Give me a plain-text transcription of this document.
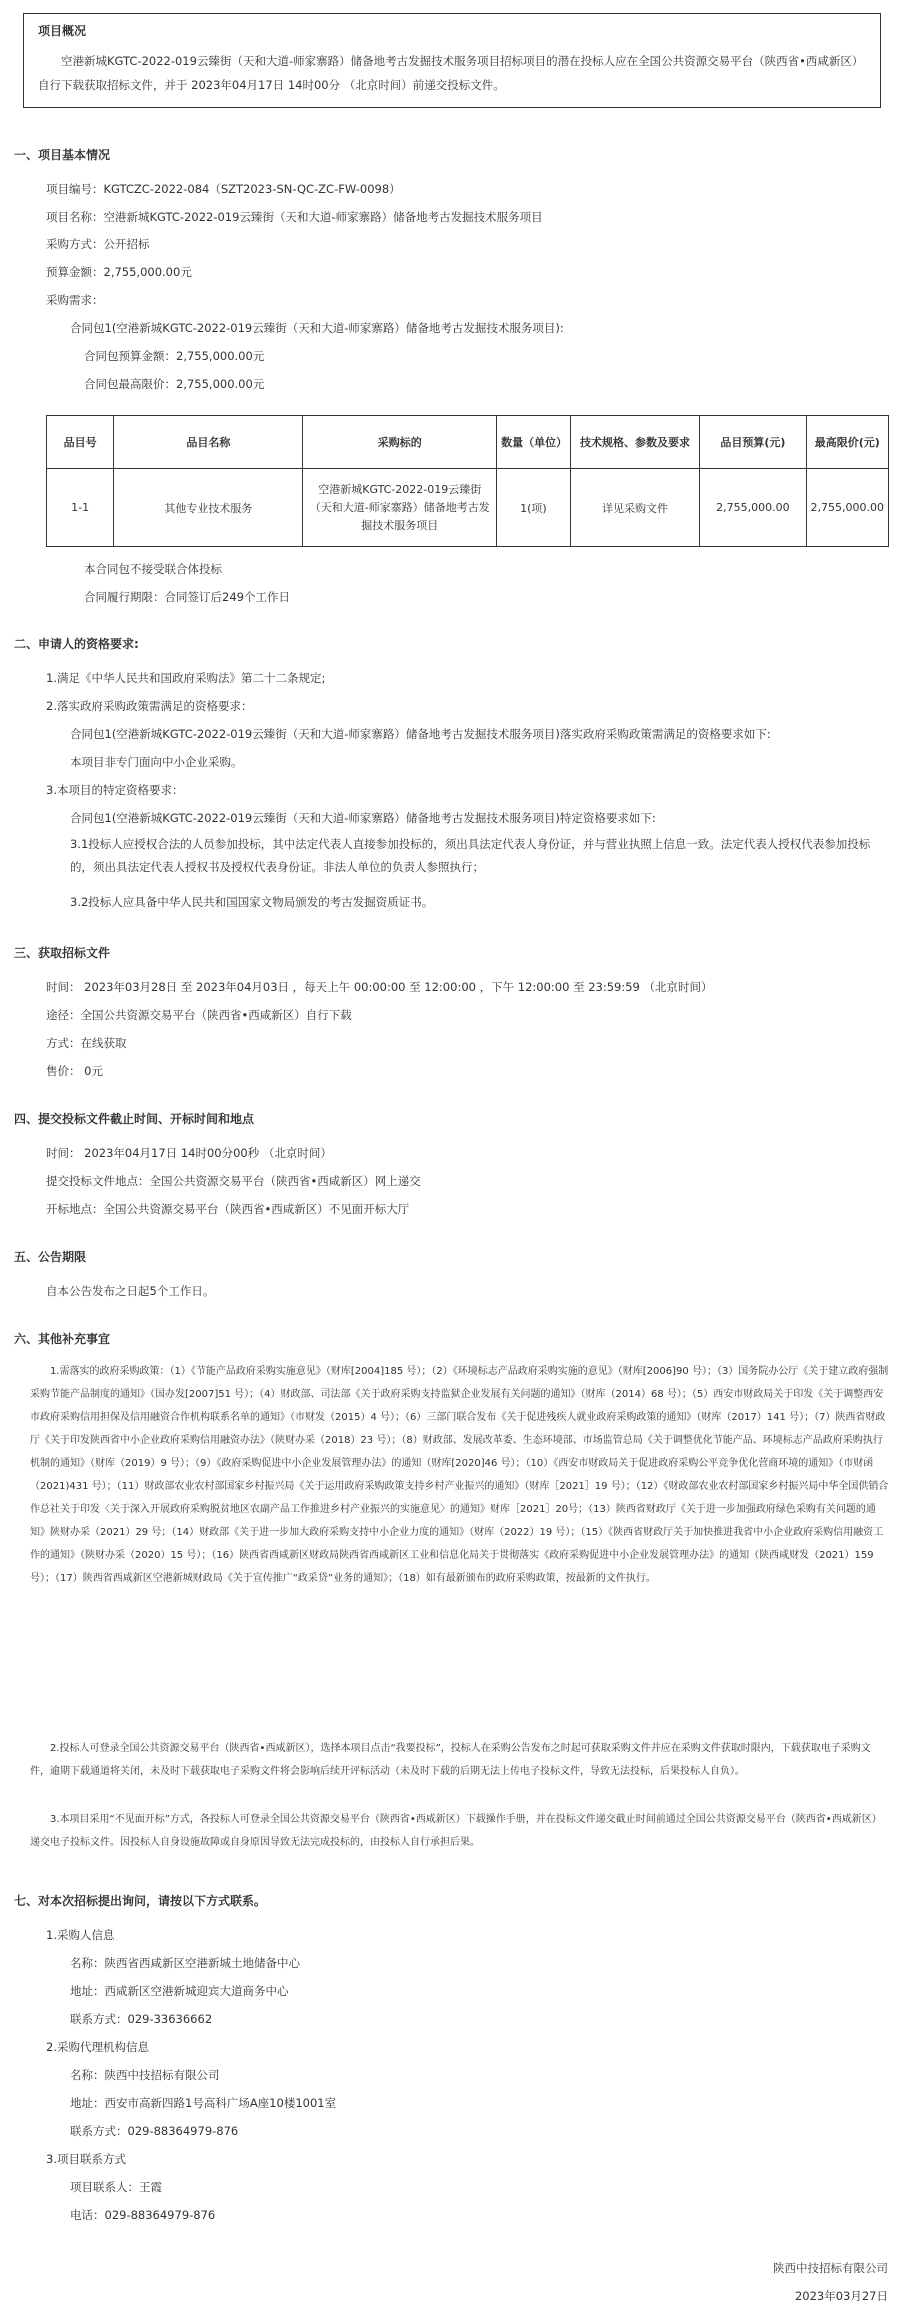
项目概况
空港新城KGTC-2022-019云臻街（天和大道-师家寨路）储备地考古发掘技术服务项目招标项目的潜在投标人应在全国公共资源交易平台（陕西省•西咸新区）自行下载获取招标文件，并于 2023年04月17日 14时00分 （北京时间）前递交投标文件。
一、项目基本情况
项目编号：KGTCZC-2022-084（SZT2023-SN-QC-ZC-FW-0098）
项目名称：空港新城KGTC-2022-019云臻街（天和大道-师家寨路）储备地考古发掘技术服务项目
采购方式：公开招标
预算金额：2,755,000.00元
采购需求：
合同包1(空港新城KGTC-2022-019云臻街（天和大道-师家寨路）储备地考古发掘技术服务项目):
合同包预算金额：2,755,000.00元
合同包最高限价：2,755,000.00元
品目号	品目名称	采购标的	数量（单位）	技术规格、参数及要求	品目预算(元)	最高限价(元)
1-1	其他专业技术服务	空港新城KGTC-2022-019云臻街（天和大道-师家寨路）储备地考古发掘技术服务项目	1(项)	详见采购文件	2,755,000.00	2,755,000.00
本合同包不接受联合体投标
合同履行期限：合同签订后249个工作日
二、申请人的资格要求:
1.满足《中华人民共和国政府采购法》第二十二条规定;
2.落实政府采购政策需满足的资格要求：
合同包1(空港新城KGTC-2022-019云臻街（天和大道-师家寨路）储备地考古发掘技术服务项目)落实政府采购政策需满足的资格要求如下:
本项目非专门面向中小企业采购。
3.本项目的特定资格要求：
合同包1(空港新城KGTC-2022-019云臻街（天和大道-师家寨路）储备地考古发掘技术服务项目)特定资格要求如下:
3.1投标人应授权合法的人员参加投标，其中法定代表人直接参加投标的，须出具法定代表人身份证，并与营业执照上信息一致。法定代表人授权代表参加投标的，须出具法定代表人授权书及授权代表身份证。非法人单位的负责人参照执行；
3.2投标人应具备中华人民共和国国家文物局颁发的考古发掘资质证书。
三、获取招标文件
时间： 2023年03月28日 至 2023年04月03日 ，每天上午 00:00:00 至 12:00:00 ，下午 12:00:00 至 23:59:59 （北京时间）
途径：全国公共资源交易平台（陕西省•西咸新区）自行下载
方式：在线获取
售价： 0元
四、提交投标文件截止时间、开标时间和地点
时间： 2023年04月17日 14时00分00秒 （北京时间）
提交投标文件地点：全国公共资源交易平台（陕西省•西咸新区）网上递交
开标地点：全国公共资源交易平台（陕西省•西咸新区）不见面开标大厅
五、公告期限
自本公告发布之日起5个工作日。
六、其他补充事宜
1.需落实的政府采购政策：（1）《节能产品政府采购实施意见》（财库[2004]185 号）；（2）《环境标志产品政府采购实施的意见》（财库[2006]90 号）；（3）国务院办公厅《关于建立政府强制采购节能产品制度的通知》（国办发[2007]51 号）；（4）财政部、司法部《关于政府采购支持监狱企业发展有关问题的通知》（财库（2014）68 号）；（5）西安市财政局关于印发《关于调整西安市政府采购信用担保及信用融资合作机构联系名单的通知》（市财发（2015）4 号）；（6）三部门联合发布《关于促进残疾人就业政府采购政策的通知》（财库（2017）141 号）；（7）陕西省财政厅《关于印发陕西省中小企业政府采购信用融资办法》（陕财办采（2018）23 号）；（8）财政部、发展改革委、生态环境部、市场监管总局《关于调整优化节能产品、环境标志产品政府采购执行机制的通知》（财库（2019）9 号）；（9）《政府采购促进中小企业发展管理办法》的通知（财库[2020]46 号）；（10）《西安市财政局关于促进政府采购公平竞争优化营商环境的通知》（市财函（2021)431 号）；（11）财政部农业农村部国家乡村振兴局《关于运用政府采购政策支持乡村产业振兴的通知》（财库［2021］19 号）；（12）《财政部农业农村部国家乡村振兴局中华全国供销合作总社关于印发〈关于深入开展政府采购脱贫地区农副产品工作推进乡村产业振兴的实施意见〉的通知》财库［2021］20号；（13）陕西省财政厅《关于进一步加强政府绿色采购有关问题的通知》陕财办采（2021）29 号；（14）财政部《关于进一步加大政府采购支持中小企业力度的通知》（财库（2022）19 号）；（15）《陕西省财政厅关于加快推进我省中小企业政府采购信用融资工作的通知》（陕财办采（2020）15 号）；（16）陕西省西咸新区财政局陕西省西咸新区工业和信息化局关于贯彻落实《政府采购促进中小企业发展管理办法》的通知（陕西咸财发（2021）159号）；（17）陕西省西咸新区空港新城财政局《关于宣传推广“政采贷”业务的通知》；（18）如有最新颁布的政府采购政策，按最新的文件执行。
2.投标人可登录全国公共资源交易平台（陕西省•西咸新区），选择本项目点击“我要投标”，投标人在采购公告发布之时起可获取采购文件并应在采购文件获取时限内，下载获取电子采购文件，逾期下载通道将关闭，未及时下载获取电子采购文件将会影响后续开评标活动（未及时下载的后期无法上传电子投标文件，导致无法投标，后果投标人自负）。
3.本项目采用“不见面开标”方式，各投标人可登录全国公共资源交易平台（陕西省•西咸新区）下载操作手册，并在投标文件递交截止时间前通过全国公共资源交易平台（陕西省•西咸新区）递交电子投标文件。因投标人自身设施故障或自身原因导致无法完成投标的，由投标人自行承担后果。
七、对本次招标提出询问，请按以下方式联系。
1.采购人信息
名称：陕西省西咸新区空港新城土地储备中心
地址：西咸新区空港新城迎宾大道商务中心
联系方式：029-33636662
2.采购代理机构信息
名称：陕西中技招标有限公司
地址：西安市高新四路1号高科广场A座10楼1001室
联系方式：029-88364979-876
3.项目联系方式
项目联系人：王霞
电话：029-88364979-876
陕西中技招标有限公司
2023年03月27日
